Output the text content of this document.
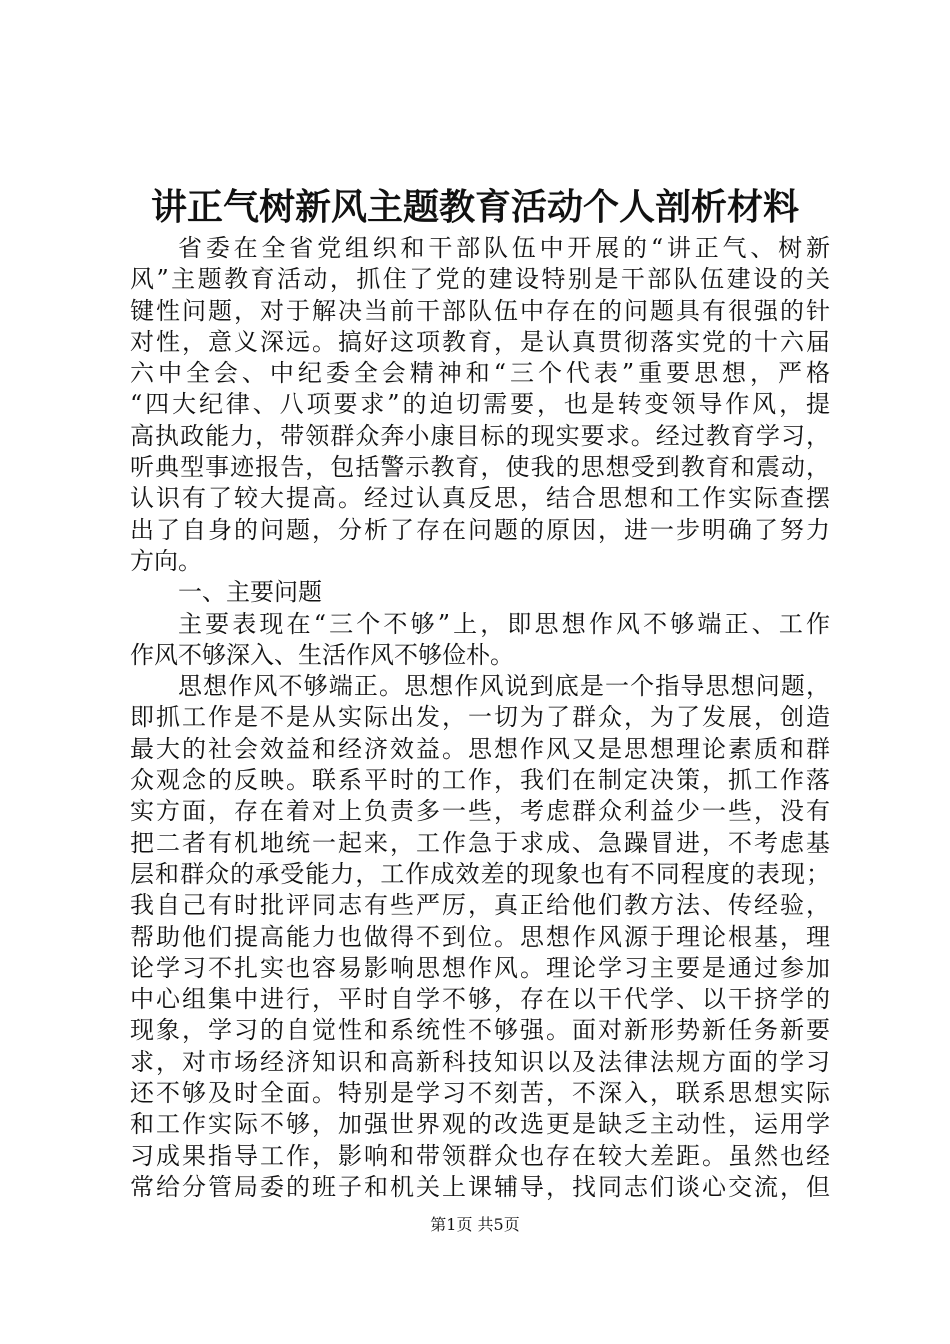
讲正气树新风主题教育活动个人剖析材料
省委在全省党组织和干部队伍中开展的“讲正气、树新
风”主题教育活动，抓住了党的建设特别是干部队伍建设的关
键性问题，对于解决当前干部队伍中存在的问题具有很强的针
对性，意义深远。搞好这项教育，是认真贯彻落实党的十六届
六中全会、中纪委全会精神和“三个代表”重要思想，严格
“四大纪律、八项要求”的迫切需要，也是转变领导作风，提
高执政能力，带领群众奔小康目标的现实要求。经过教育学习，
听典型事迹报告，包括警示教育，使我的思想受到教育和震动，
认识有了较大提高。经过认真反思，结合思想和工作实际查摆
出了自身的问题，分析了存在问题的原因，进一步明确了努力
方向。
一、主要问题
主要表现在“三个不够”上，即思想作风不够端正、工作
作风不够深入、生活作风不够俭朴。
思想作风不够端正。思想作风说到底是一个指导思想问题，
即抓工作是不是从实际出发，一切为了群众，为了发展，创造
最大的社会效益和经济效益。思想作风又是思想理论素质和群
众观念的反映。联系平时的工作，我们在制定决策，抓工作落
实方面，存在着对上负责多一些，考虑群众利益少一些，没有
把二者有机地统一起来，工作急于求成、急躁冒进，不考虑基
层和群众的承受能力，工作成效差的现象也有不同程度的表现；
我自己有时批评同志有些严厉，真正给他们教方法、传经验，
帮助他们提高能力也做得不到位。思想作风源于理论根基，理
论学习不扎实也容易影响思想作风。理论学习主要是通过参加
中心组集中进行，平时自学不够，存在以干代学、以干挤学的
现象，学习的自觉性和系统性不够强。面对新形势新任务新要
求，对市场经济知识和高新科技知识以及法律法规方面的学习
还不够及时全面。特别是学习不刻苦，不深入，联系思想实际
和工作实际不够，加强世界观的改选更是缺乏主动性，运用学
习成果指导工作，影响和带领群众也存在较大差距。虽然也经
常给分管局委的班子和机关上课辅导，找同志们谈心交流，但
第1页 共5页
